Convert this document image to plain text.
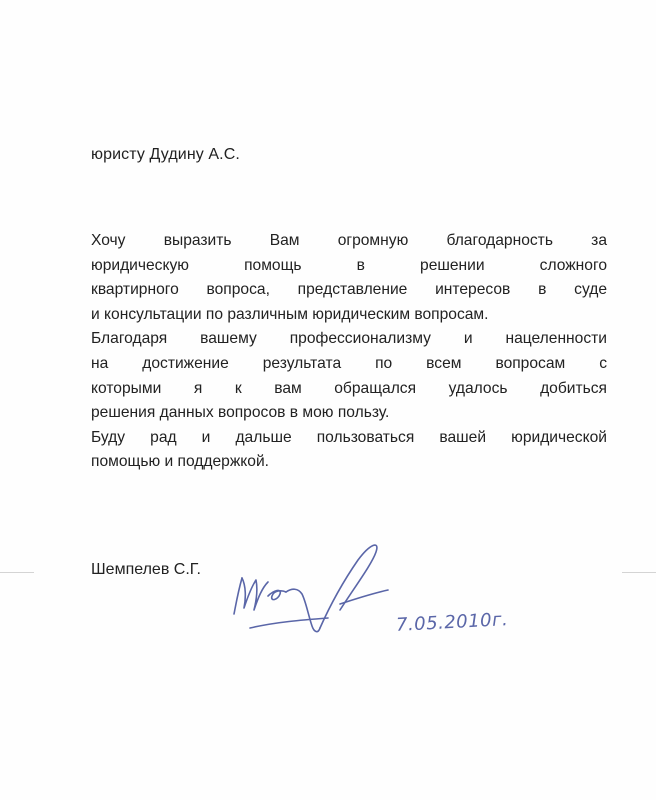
юристу Дудину А.С.
Хочу выразить Вам огромную благодарность за
юридическую помощь в решении сложного
квартирного вопроса, представление интересов в суде
и консультации по различным юридическим вопросам.
Благодаря вашему профессионализму и нацеленности
на достижение результата по всем вопросам с
которыми я к вам обращался удалось добиться
решения данных вопросов в мою пользу.
Буду рад и дальше пользоваться вашей юридической
помощью и поддержкой.
Шемпелев С.Г.
7.05.2010г.
